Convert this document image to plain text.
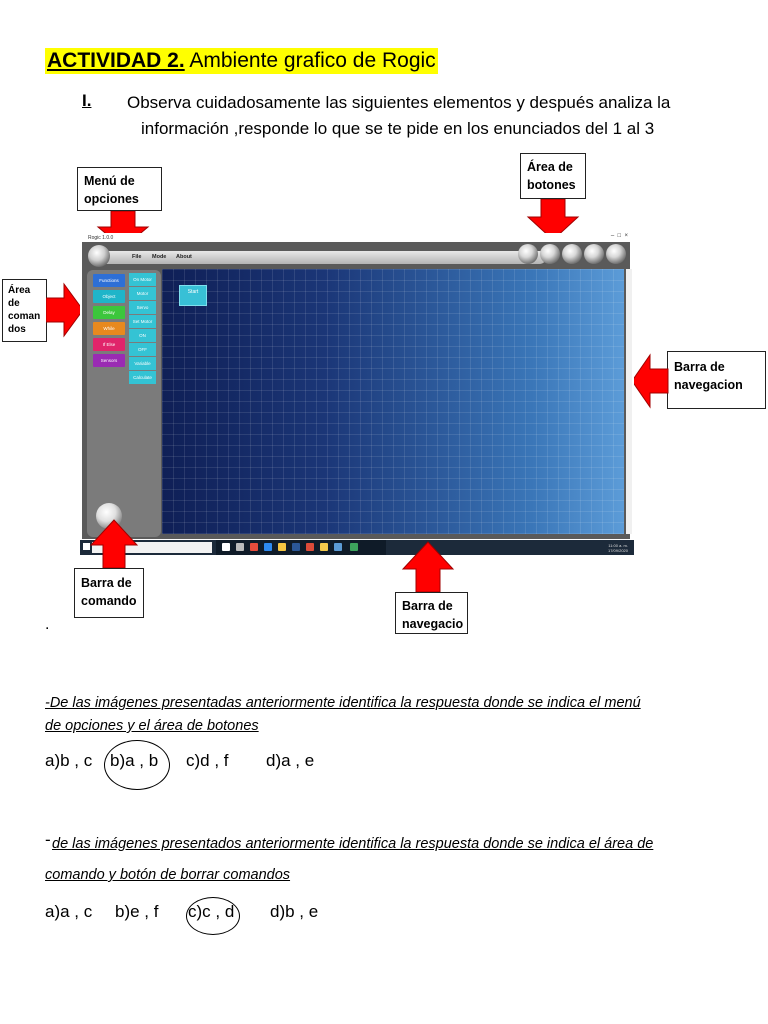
ACTIVIDAD 2. Ambiente grafico de Rogic
I.	Observa cuidadosamente las siguientes elementos y después analiza la
información ,responde lo que se te pide en los enunciados del 1 al 3
Menú de
opciones
Área de
botones
Área
de
coman
dos
Barra de
navegacion
Rogic 1.0.0	–  □  ×
File Mode About
Functions
Object
Delay
While
If Else
Sensors
On Motor
Motor
Servo
Set Motor
ON
OFF
Variable
Calculate
Start
11:00 a. m.
17/09/2020
Barra de
comando	Barra de
navegacio
.
-De las imágenes presentadas anteriormente identifica la respuesta donde se indica el menú
de opciones y el área de botones
a)b , c b)a , b c)d , f d)a , e
- de las imágenes presentados anteriormente identifica la respuesta donde se indica el área de
comando y botón de borrar comandos
a)a , c b)e , f c)c , d d)b , e
